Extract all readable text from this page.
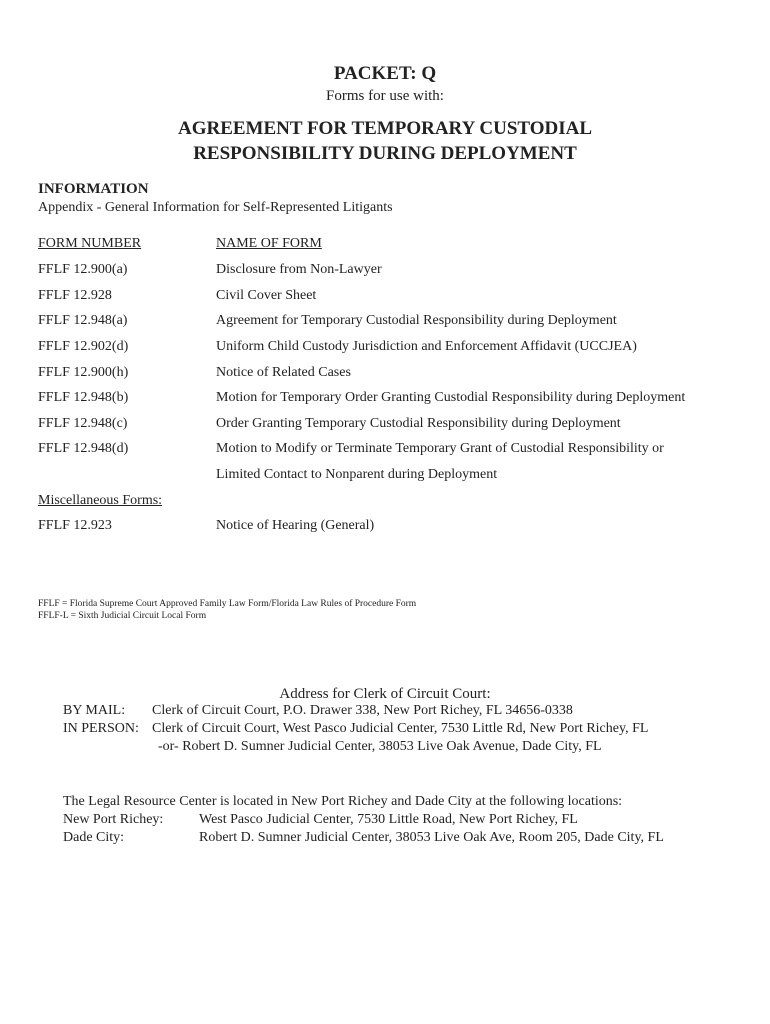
PACKET: Q
Forms for use with:
AGREEMENT FOR TEMPORARY CUSTODIAL
RESPONSIBILITY DURING DEPLOYMENT
INFORMATION
Appendix - General Information for Self-Represented Litigants
FORM NUMBER	NAME OF FORM
FFLF 12.900(a)	Disclosure from Non-Lawyer
FFLF 12.928	Civil Cover Sheet
FFLF 12.948(a)	Agreement for Temporary Custodial Responsibility during Deployment
FFLF 12.902(d)	Uniform Child Custody Jurisdiction and Enforcement Affidavit (UCCJEA)
FFLF 12.900(h)	Notice of Related Cases
FFLF 12.948(b)	Motion for Temporary Order Granting Custodial Responsibility during Deployment
FFLF 12.948(c)	Order Granting Temporary Custodial Responsibility during Deployment
FFLF 12.948(d)	Motion to Modify or Terminate Temporary Grant of Custodial Responsibility or
Limited Contact to Nonparent during Deployment
Miscellaneous Forms:
FFLF 12.923	Notice of Hearing (General)
FFLF = Florida Supreme Court Approved Family Law Form/Florida Law Rules of Procedure Form
FFLF-L = Sixth Judicial Circuit Local Form
Address for Clerk of Circuit Court:
BY MAIL: Clerk of Circuit Court, P.O. Drawer 338, New Port Richey, FL 34656-0338
IN PERSON: Clerk of Circuit Court, West Pasco Judicial Center, 7530 Little Rd, New Port Richey, FL
-or- Robert D. Sumner Judicial Center, 38053 Live Oak Avenue, Dade City, FL
The Legal Resource Center is located in New Port Richey and Dade City at the following locations:
New Port Richey:	West Pasco Judicial Center, 7530 Little Road, New Port Richey, FL
Dade City:	Robert D. Sumner Judicial Center, 38053 Live Oak Ave, Room 205, Dade City, FL
